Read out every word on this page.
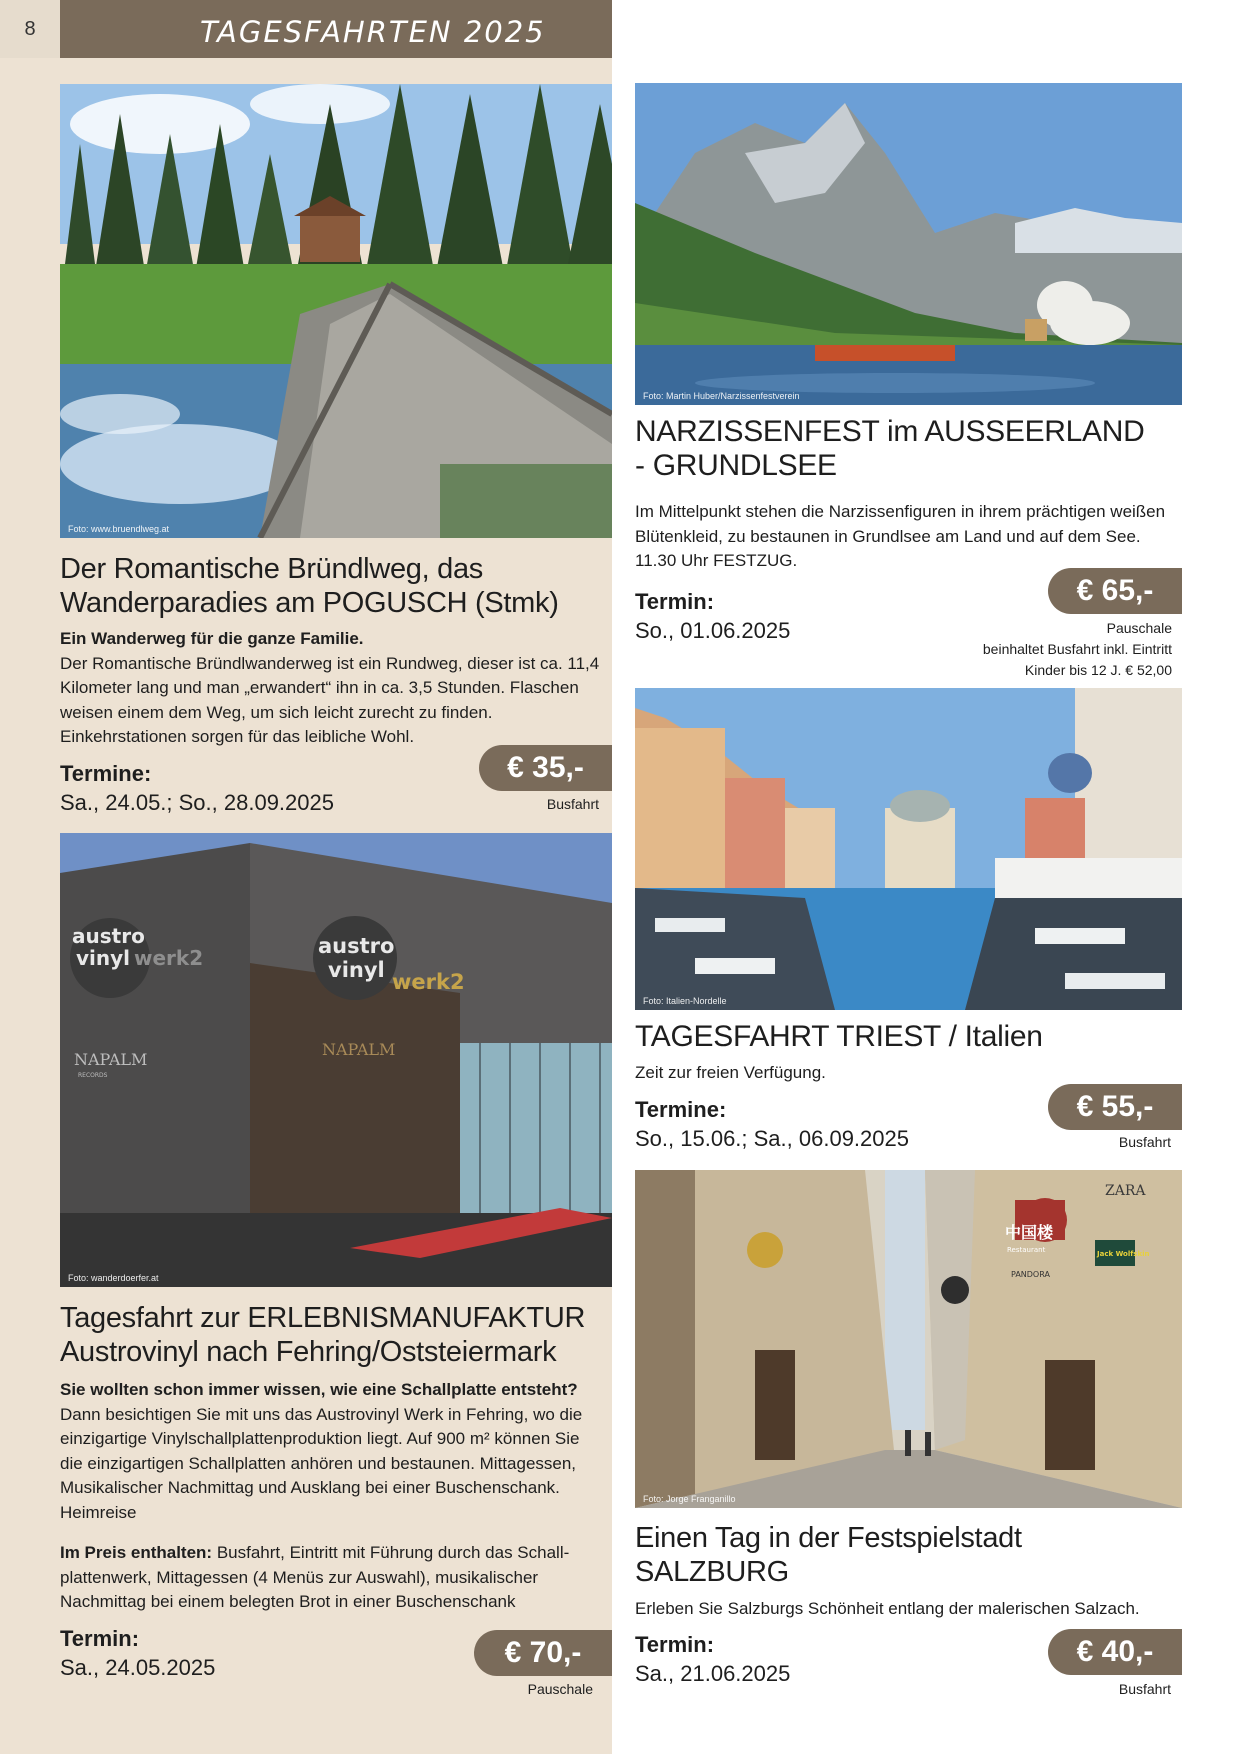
8	TAGESFAHRTEN 2025
Foto: www.bruendlweg.at
Der Romantische Bründlweg, das
Wanderparadies am POGUSCH (Stmk)
Ein Wanderweg für die ganze Familie.
Der Romantische Bründlwanderweg ist ein Rundweg, dieser ist ca. 11,4 Kilometer lang und man „erwandert“ ihn in ca. 3,5 Stunden. Flaschen weisen einem dem Weg, um sich leicht zurecht zu finden. Einkehrstationen sorgen für das leibliche Wohl.
Termine:
Sa., 24.05.; So., 28.09.2025
€ 35,-
Busfahrt
austro
vinyl werk2	austro
vinyl werk2
NAPALM
RECORDS
NAPALM
Foto: wanderdoerfer.at
Tagesfahrt zur ERLEBNISMANUFAKTUR
Austrovinyl nach Fehring/Oststeiermark
Sie wollten schon immer wissen, wie eine Schallplatte entsteht?
Dann besichtigen Sie mit uns das Austrovinyl Werk in Fehring, wo die einzigartige Vinylschallplattenproduktion liegt. Auf 900 m² können Sie die einzigartigen Schallplatten anhören und bestaunen. Mittagessen, Musikalischer Nachmittag und Ausklang bei einer Buschenschank. Heimreise
Im Preis enthalten: Busfahrt, Eintritt mit Führung durch das Schallplattenwerk, Mittagessen (4 Menüs zur Auswahl), musikalischer Nachmittag bei einem belegten Brot in einer Buschenschank
Termin:
Sa., 24.05.2025	€ 70,-
Pauschale
Foto: Martin Huber/Narzissenfestverein
NARZISSENFEST im AUSSEERLAND
- GRUNDLSEE
Im Mittelpunkt stehen die Narzissenfiguren in ihrem prächtigen weißen Blütenkleid, zu bestaunen in Grundlsee am Land und auf dem See. 11.30 Uhr FESTZUG.
Termin:
So., 01.06.2025
€ 65,-
Pauschale
beinhaltet Busfahrt inkl. Eintritt
Kinder bis 12 J. € 52,00
Foto: Italien-Nordelle
TAGESFAHRT TRIEST / Italien
Zeit zur freien Verfügung.
Termine:
So., 15.06.; Sa., 06.09.2025
€ 55,-
Busfahrt
中国楼
Restaurant
PANDORA
ZARA
Jack Wolfskin
Foto: Jorge Franganillo
Einen Tag in der Festspielstadt
SALZBURG
Erleben Sie Salzburgs Schönheit entlang der malerischen Salzach.
Termin:
Sa., 21.06.2025
€ 40,-
Busfahrt
